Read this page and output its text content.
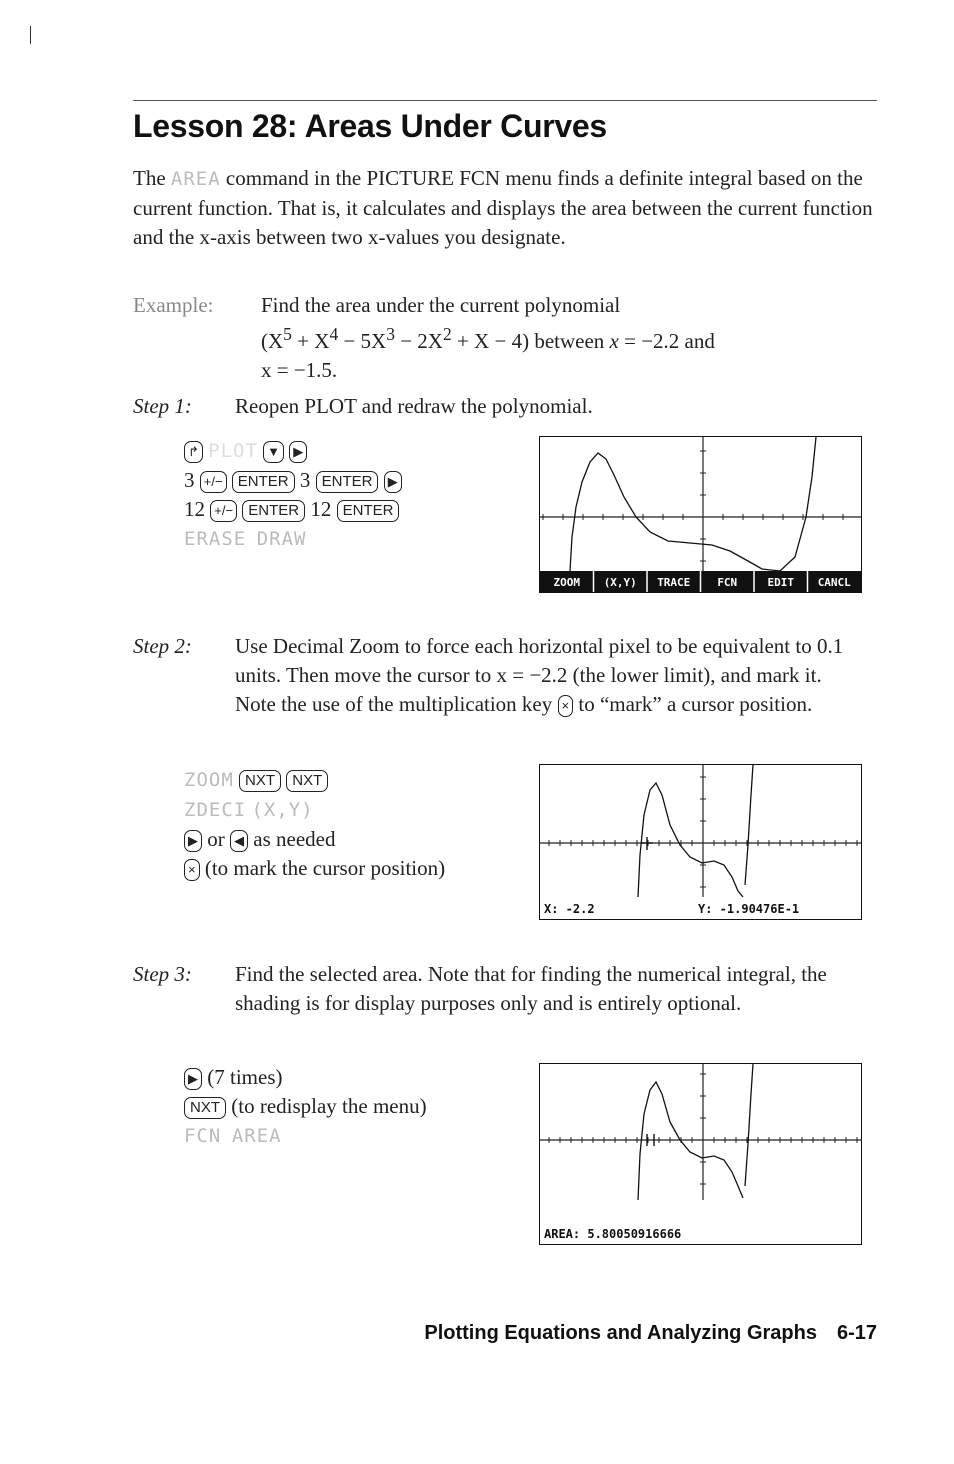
Lesson 28: Areas Under Curves
The AREA command in the PICTURE FCN menu finds a definite integral based on the current function. That is, it calculates and displays the area between the current function and the x-axis between two x-values you designate.
Example: Find the area under the current polynomial
$(X^5 + X^4 - 5X^3 - 2X^2 + X - 4)$ between x = −2.2 and
x = −1.5.
Step 1: Reopen PLOT and redraw the polynomial.
↱ PLOT ▼ ▶
3 +/− ENTER 3 ENTER ▶
12 +/− ENTER 12 ENTER
ERASE DRAW
ZOOM (X,Y) TRACE FCN	EDIT CANCL
Step 2: Use Decimal Zoom to force each horizontal pixel to be equivalent to 0.1 units. Then move the cursor to x = −2.2 (the lower limit), and mark it. Note the use of the multiplication key × to “mark” a cursor position.
ZOOM NXT NXT
ZDECI (X,Y)
▶ or ◀ as needed
× (to mark the cursor position)
X: -2.2	Y: -1.90476E-1
Step 3: Find the selected area. Note that for finding the numerical integral, the shading is for display purposes only and is entirely optional.
▶ (7 times)
NXT (to redisplay the menu)
FCN AREA
AREA: 5.80050916666
Plotting Equations and Analyzing Graphs 6-17
